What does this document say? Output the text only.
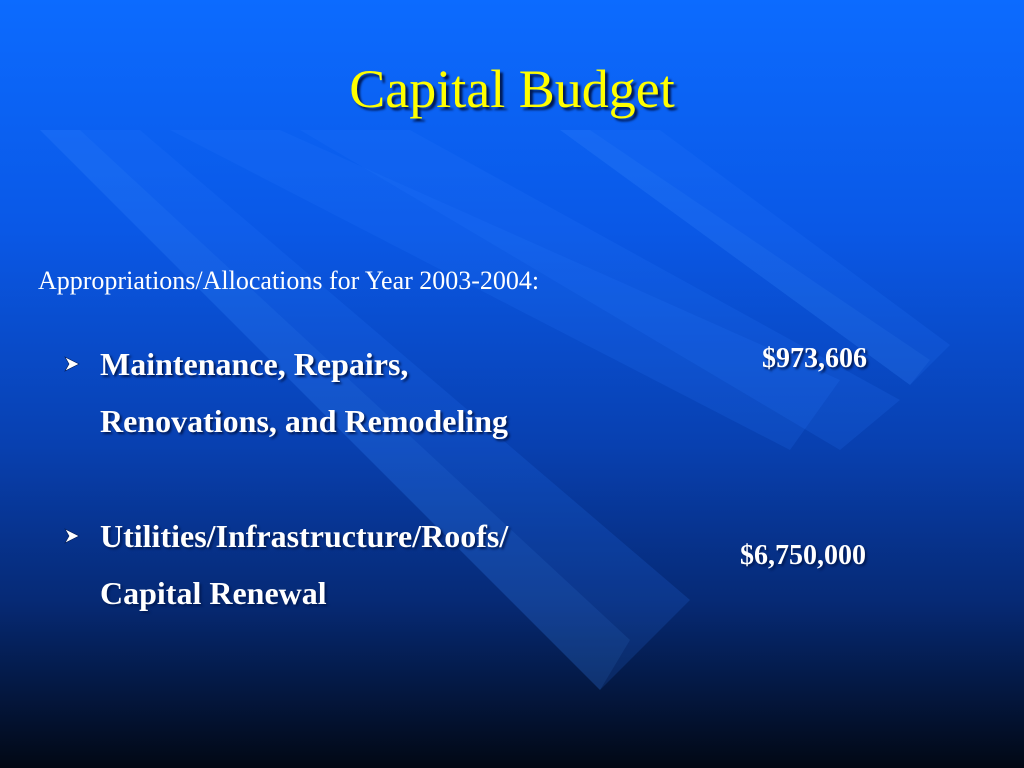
Capital Budget
Appropriations/Allocations for Year 2003-2004:
Maintenance, Repairs,
Renovations, and Remodeling
$973,606
Utilities/Infrastructure/Roofs/
Capital Renewal
$6,750,000
